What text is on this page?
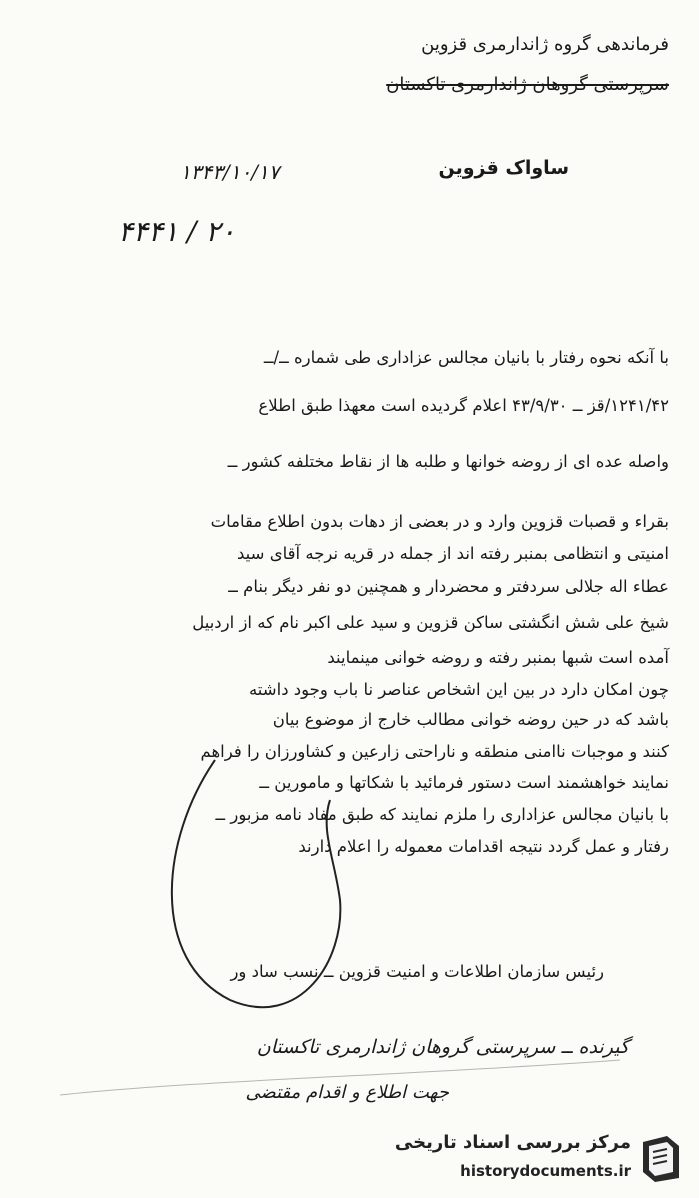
فرماندهی گروه ژاندارمری قزوین
سرپرستی گروهان ژاندارمری تاکستان
۱۳۴۳/۱۰/۱۷	ساواک قزوین
۴۴۴۱ / ۲۰
با آنکه نحوه رفتار با بانیان مجالس عزاداری طی شماره ــ/ــ
۱۲۴۱/۴۲/قز ــ ۴۳/۹/۳۰ اعلام گردیده است معهذا طبق اطلاع
واصله عده ای از روضه خوانها و طلبه ها از نقاط مختلفه کشور ــ
بقراء و قصبات قزوین وارد و در بعضی از دهات بدون اطلاع مقامات
امنیتی و انتظامی بمنبر رفته اند از جمله در قریه نرجه آقای سید
عطاء اله جلالی سردفتر و محضردار و همچنین دو نفر دیگر بنام ــ
شیخ علی شش انگشتی ساکن قزوین و سید علی اکبر نام که از اردبیل
آمده است شبها بمنبر رفته و روضه خوانی مینمایند
چون امکان دارد در بین این اشخاص عناصر نا باب وجود داشته
باشد که در حین روضه خوانی مطالب خارج از موضوع بیان
کنند و موجبات ناامنی منطقه و ناراحتی زارعین و کشاورزان را فراهم
نمایند خواهشمند است دستور فرمائید با شکاتها و مامورین ــ
با بانیان مجالس عزاداری را ملزم نمایند که طبق مفاد نامه مزبور ــ
رفتار و عمل گردد نتیجه اقدامات معموله را اعلام دارند
رئیس سازمان اطلاعات و امنیت قزوین ــ نسب ساد ور
گیرنده ــ سرپرستی گروهان ژاندارمری تاکستان
جهت اطلاع و اقدام مقتضی
مرکز بررسی اسناد تاریخی
historydocuments.ir
